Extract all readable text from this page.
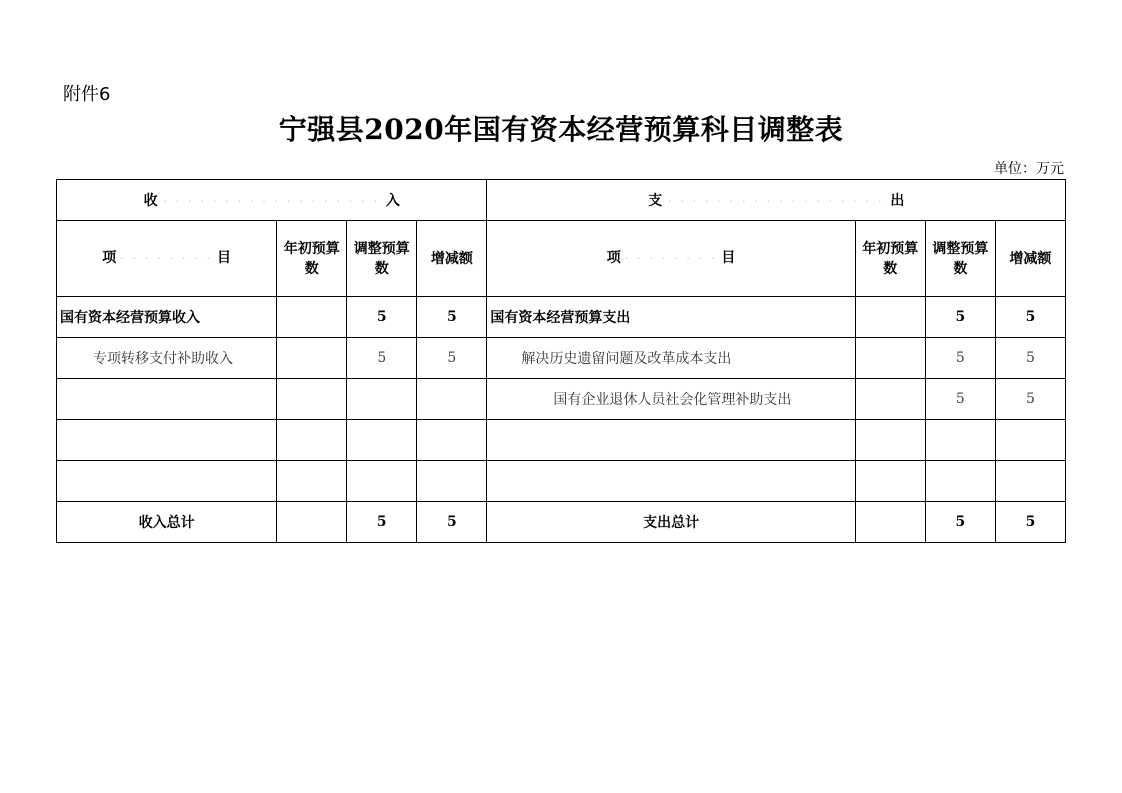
附件6
宁强县2020年国有资本经营预算科目调整表
单位：万元
收 · · · · · · · · · · · · · · · · · · 入				支 · · · · · · · · · · · · · · · · · · 出			
项 · · · · · · · · 目	年初预算数	调整预算数	增减额	项 · · · · · · · · 目	年初预算数	调整预算数	增减额
国有资本经营预算收入		5	5	国有资本经营预算支出		5	5
专项转移支付补助收入		5	5	解决历史遗留问题及改革成本支出		5	5
				国有企业退休人员社会化管理补助支出		5	5

收入总计		5	5	支出总计		5	5
